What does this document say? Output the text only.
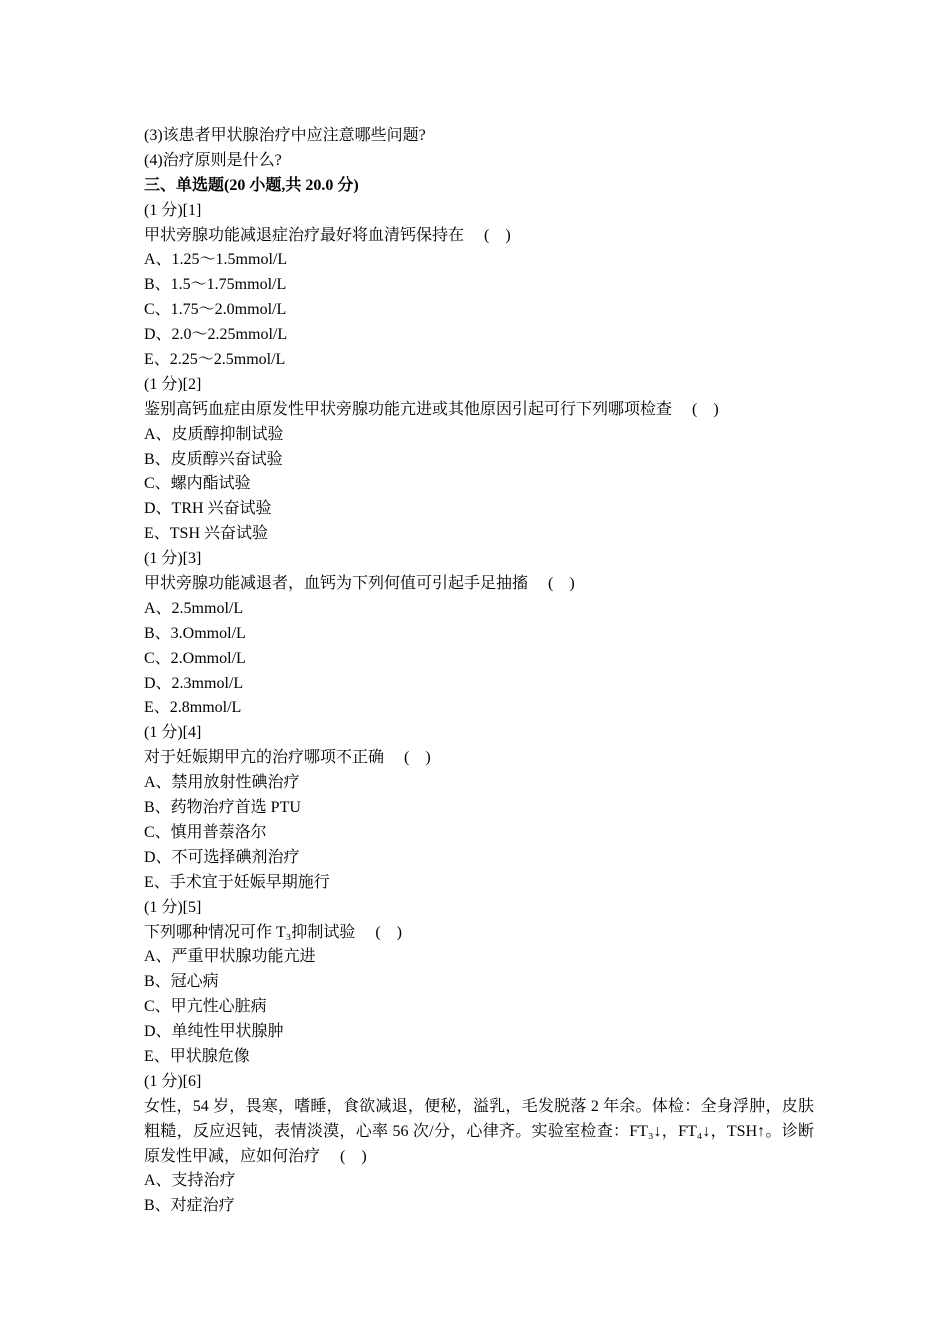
(3)该患者甲状腺治疗中应注意哪些问题?
(4)治疗原则是什么?
三、单选题(20 小题,共 20.0 分)
(1 分)[1]
甲状旁腺功能减退症治疗最好将血清钙保持在　 (　)
A、1.25～1.5mmol/L
B、1.5～1.75mmol/L
C、1.75～2.0mmol/L
D、2.0～2.25mmol/L
E、2.25～2.5mmol/L
(1 分)[2]
鉴别高钙血症由原发性甲状旁腺功能亢进或其他原因引起可行下列哪项检查　 (　)
A、皮质醇抑制试验
B、皮质醇兴奋试验
C、螺内酯试验
D、TRH 兴奋试验
E、TSH 兴奋试验
(1 分)[3]
甲状旁腺功能减退者，血钙为下列何值可引起手足抽搐　 (　)
A、2.5mmol/L
B、3.Ommol/L
C、2.Ommol/L
D、2.3mmol/L
E、2.8mmol/L
(1 分)[4]
对于妊娠期甲亢的治疗哪项不正确　 (　)
A、禁用放射性碘治疗
B、药物治疗首选 PTU
C、慎用普萘洛尔
D、不可选择碘剂治疗
E、手术宜于妊娠早期施行
(1 分)[5]
下列哪种情况可作 T₃抑制试验　 (　)
A、严重甲状腺功能亢进
B、冠心病
C、甲亢性心脏病
D、单纯性甲状腺肿
E、甲状腺危像
(1 分)[6]
女性，54 岁，畏寒，嗜睡，食欲减退，便秘，溢乳，毛发脱落 2 年余。体检：全身浮肿，皮肤粗糙，反应迟钝，表情淡漠，心率 56 次/分，心律齐。实验室检查：FT₃↓，FT₄↓，TSH↑。诊断原发性甲减，应如何治疗　 (　)
A、支持治疗
B、对症治疗
